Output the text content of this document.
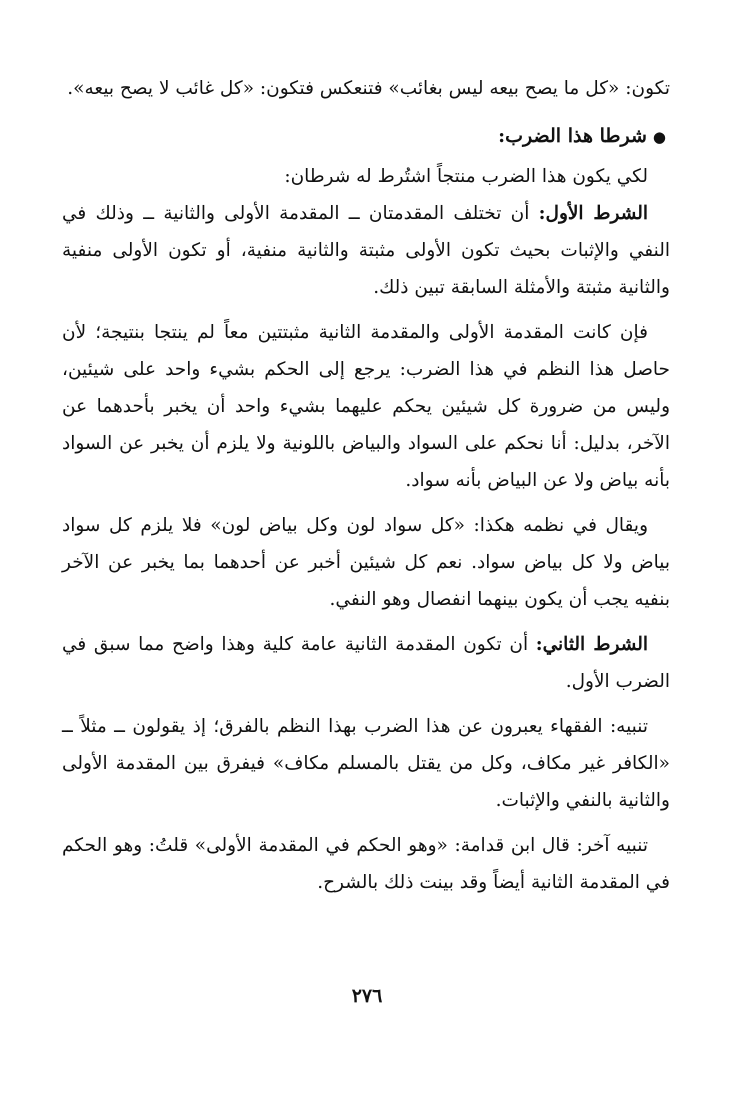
تكون: «كل ما يصح بيعه ليس بغائب» فتنعكس فتكون: «كل غائب لا يصح بيعه».

●شرطا هذا الضرب:

لكي يكون هذا الضرب منتجاً اشتُرط له شرطان:

الشرط الأول: أن تختلف المقدمتان ــ المقدمة الأولى والثانية ــ وذلك في النفي والإثبات بحيث تكون الأولى مثبتة والثانية منفية، أو تكون الأولى منفية والثانية مثبتة والأمثلة السابقة تبين ذلك.

فإن كانت المقدمة الأولى والمقدمة الثانية مثبتتين معاً لم ينتجا بنتيجة؛ لأن حاصل هذا النظم في هذا الضرب: يرجع إلى الحكم بشيء واحد على شيئين، وليس من ضرورة كل شيئين يحكم عليهما بشيء واحد أن يخبر بأحدهما عن الآخر، بدليل: أنا نحكم على السواد والبياض باللونية ولا يلزم أن يخبر عن السواد بأنه بياض ولا عن البياض بأنه سواد.

ويقال في نظمه هكذا: «كل سواد لون وكل بياض لون» فلا يلزم كل سواد بياض ولا كل بياض سواد. نعم كل شيئين أخبر عن أحدهما بما يخبر عن الآخر بنفيه يجب أن يكون بينهما انفصال وهو النفي.

الشرط الثاني: أن تكون المقدمة الثانية عامة كلية وهذا واضح مما سبق في الضرب الأول.

تنبيه: الفقهاء يعبرون عن هذا الضرب بهذا النظم بالفرق؛ إذ يقولون ــ مثلاً ــ «الكافر غير مكاف، وكل من يقتل بالمسلم مكاف» فيفرق بين المقدمة الأولى والثانية بالنفي والإثبات.

تنبيه آخر: قال ابن قدامة: «وهو الحكم في المقدمة الأولى» قلتُ: وهو الحكم في المقدمة الثانية أيضاً وقد بينت ذلك بالشرح.

٢٧٦
